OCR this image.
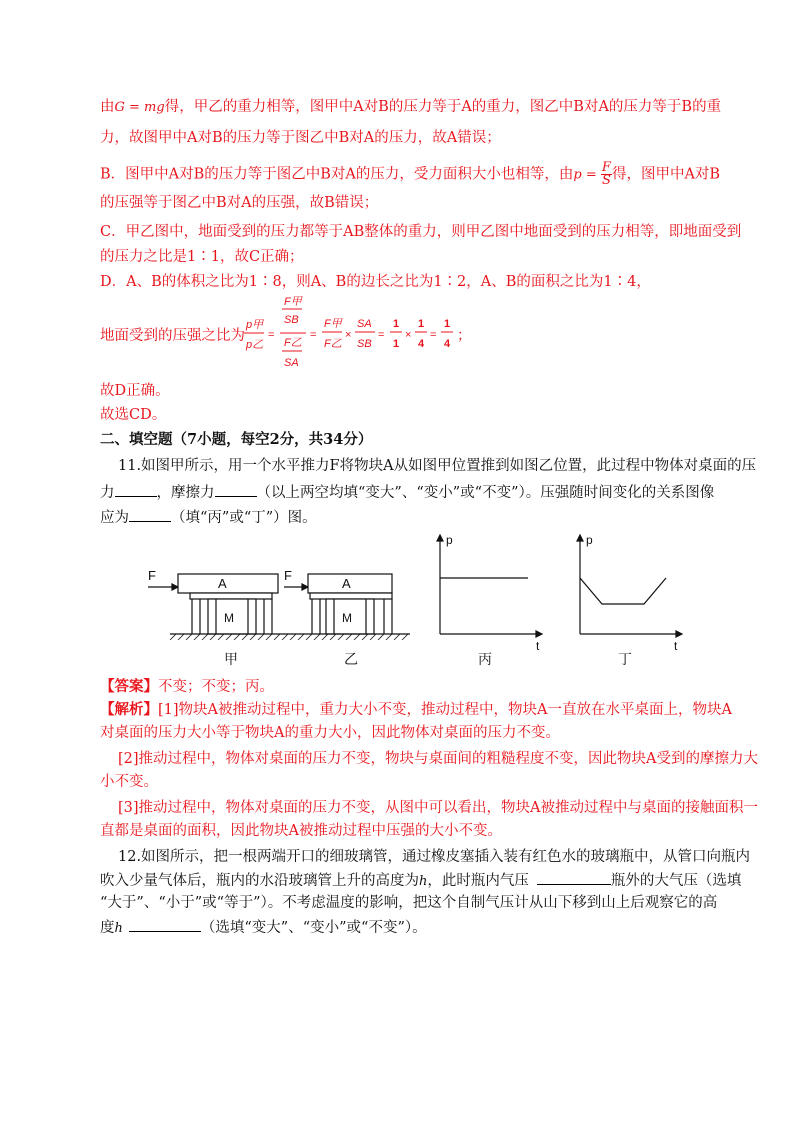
由G = mg得，甲乙的重力相等，图甲中A对B的压力等于A的重力，图乙中B对A的压力等于B的重
力，故图甲中A对B的压力等于图乙中B对A的压力，故A错误；
B．图甲中A对B的压力等于图乙中B对A的压力，受力面积大小也相等，由$p = \frac{F}{S}$ 得，图甲中A对B
的压强等于图乙中B对A的压强，故B错误；
C．甲乙图中，地面受到的压力都等于AB整体的重力，则甲乙图中地面受到的压力相等，即地面受到
的压力之比是1∶1，故C正确；
D．A、B的体积之比为1∶8，则A、B的边长之比为1∶2，A、B的面积之比为1∶4，
地面受到的压强之比为
p甲
p乙
=
F甲
SB
F乙
SA
=
F甲
F乙
×
SA
SB
=
1
1
×
1
4
=
1
4 ；
故D正确。
故选CD。
二、填空题（7小题，每空2分，共34分）
11.如图甲所示，用一个水平推力F将物块A从如图甲位置推到如图乙位置，此过程中物体对桌面的压
力	，摩擦力	（以上两空均填“变大”、“变小”或“不变”）。压强随时间变化的关系图像
应为	（填“丙”或“丁”）图。
F
A
M
甲
F
A
M
乙
p
t
丙
p
t
丁
【答案】不变；不变；丙。
【解析】[1]物块A被推动过程中，重力大小不变，推动过程中，物块A一直放在水平桌面上，物块A
对桌面的压力大小等于物块A的重力大小，因此物体对桌面的压力不变。
[2]推动过程中，物体对桌面的压力不变，物块与桌面间的粗糙程度不变，因此物块A受到的摩擦力大
小不变。
[3]推动过程中，物体对桌面的压力不变，从图中可以看出，物块A被推动过程中与桌面的接触面积一
直都是桌面的面积，因此物块A被推动过程中压强的大小不变。
12.如图所示，把一根两端开口的细玻璃管，通过橡皮塞插入装有红色水的玻璃瓶中，从管口向瓶内
吹入少量气体后，瓶内的水沿玻璃管上升的高度为h，此时瓶内气压	瓶外的大气压（选填
“大于”、“小于”或“等于”）。不考虑温度的影响，把这个自制气压计从山下移到山上后观察它的高
度h	（选填“变大”、“变小”或“不变”）。
